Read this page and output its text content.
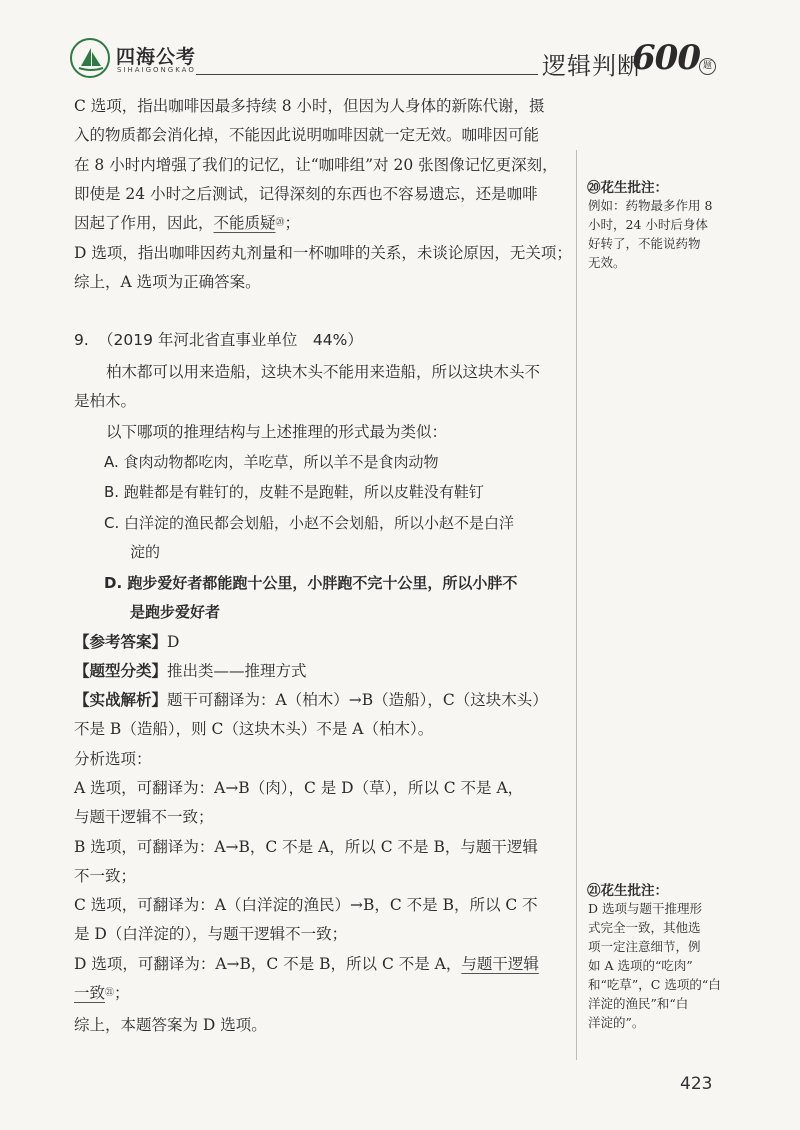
四海公考
SIHAIGONGKAO	逻辑判断
600 题
C 选项，指出咖啡因最多持续 8 小时，但因为人身体的新陈代谢，摄
入的物质都会消化掉，不能因此说明咖啡因就一定无效。咖啡因可能
在 8 小时内增强了我们的记忆，让“咖啡组”对 20 张图像记忆更深刻，
即使是 24 小时之后测试，记得深刻的东西也不容易遗忘，还是咖啡
因起了作用，因此，不能质疑⑳；
D 选项，指出咖啡因药丸剂量和一杯咖啡的关系，未谈论原因，无关项；
综上，A 选项为正确答案。
9. （2019 年河北省直事业单位　44%）
柏木都可以用来造船，这块木头不能用来造船，所以这块木头不
是柏木。
以下哪项的推理结构与上述推理的形式最为类似：
A. 食肉动物都吃肉，羊吃草，所以羊不是食肉动物
B. 跑鞋都是有鞋钉的，皮鞋不是跑鞋，所以皮鞋没有鞋钉
C. 白洋淀的渔民都会划船，小赵不会划船，所以小赵不是白洋
淀的
D. 跑步爱好者都能跑十公里，小胖跑不完十公里，所以小胖不
是跑步爱好者
【参考答案】D
【题型分类】推出类——推理方式
【实战解析】题干可翻译为：A（柏木）→B（造船），C（这块木头）
不是 B（造船），则 C（这块木头）不是 A（柏木）。
分析选项：
A 选项，可翻译为：A→B（肉），C 是 D（草），所以 C 不是 A，
与题干逻辑不一致；
B 选项，可翻译为：A→B，C 不是 A，所以 C 不是 B，与题干逻辑
不一致；
C 选项，可翻译为：A（白洋淀的渔民）→B，C 不是 B，所以 C 不
是 D（白洋淀的），与题干逻辑不一致；
D 选项，可翻译为：A→B，C 不是 B，所以 C 不是 A，与题干逻辑
一致$^㉑$；
综上，本题答案为 D 选项。
⑳花生批注：
例如：药物最多作用 8
小时，24 小时后身体
好转了，不能说药物
无效。
㉑花生批注：
D 选项与题干推理形
式完全一致，其他选
项一定注意细节，例
如 A 选项的“吃肉”
和“吃草”，C 选项的“白
洋淀的渔民”和“白
洋淀的”。
423
